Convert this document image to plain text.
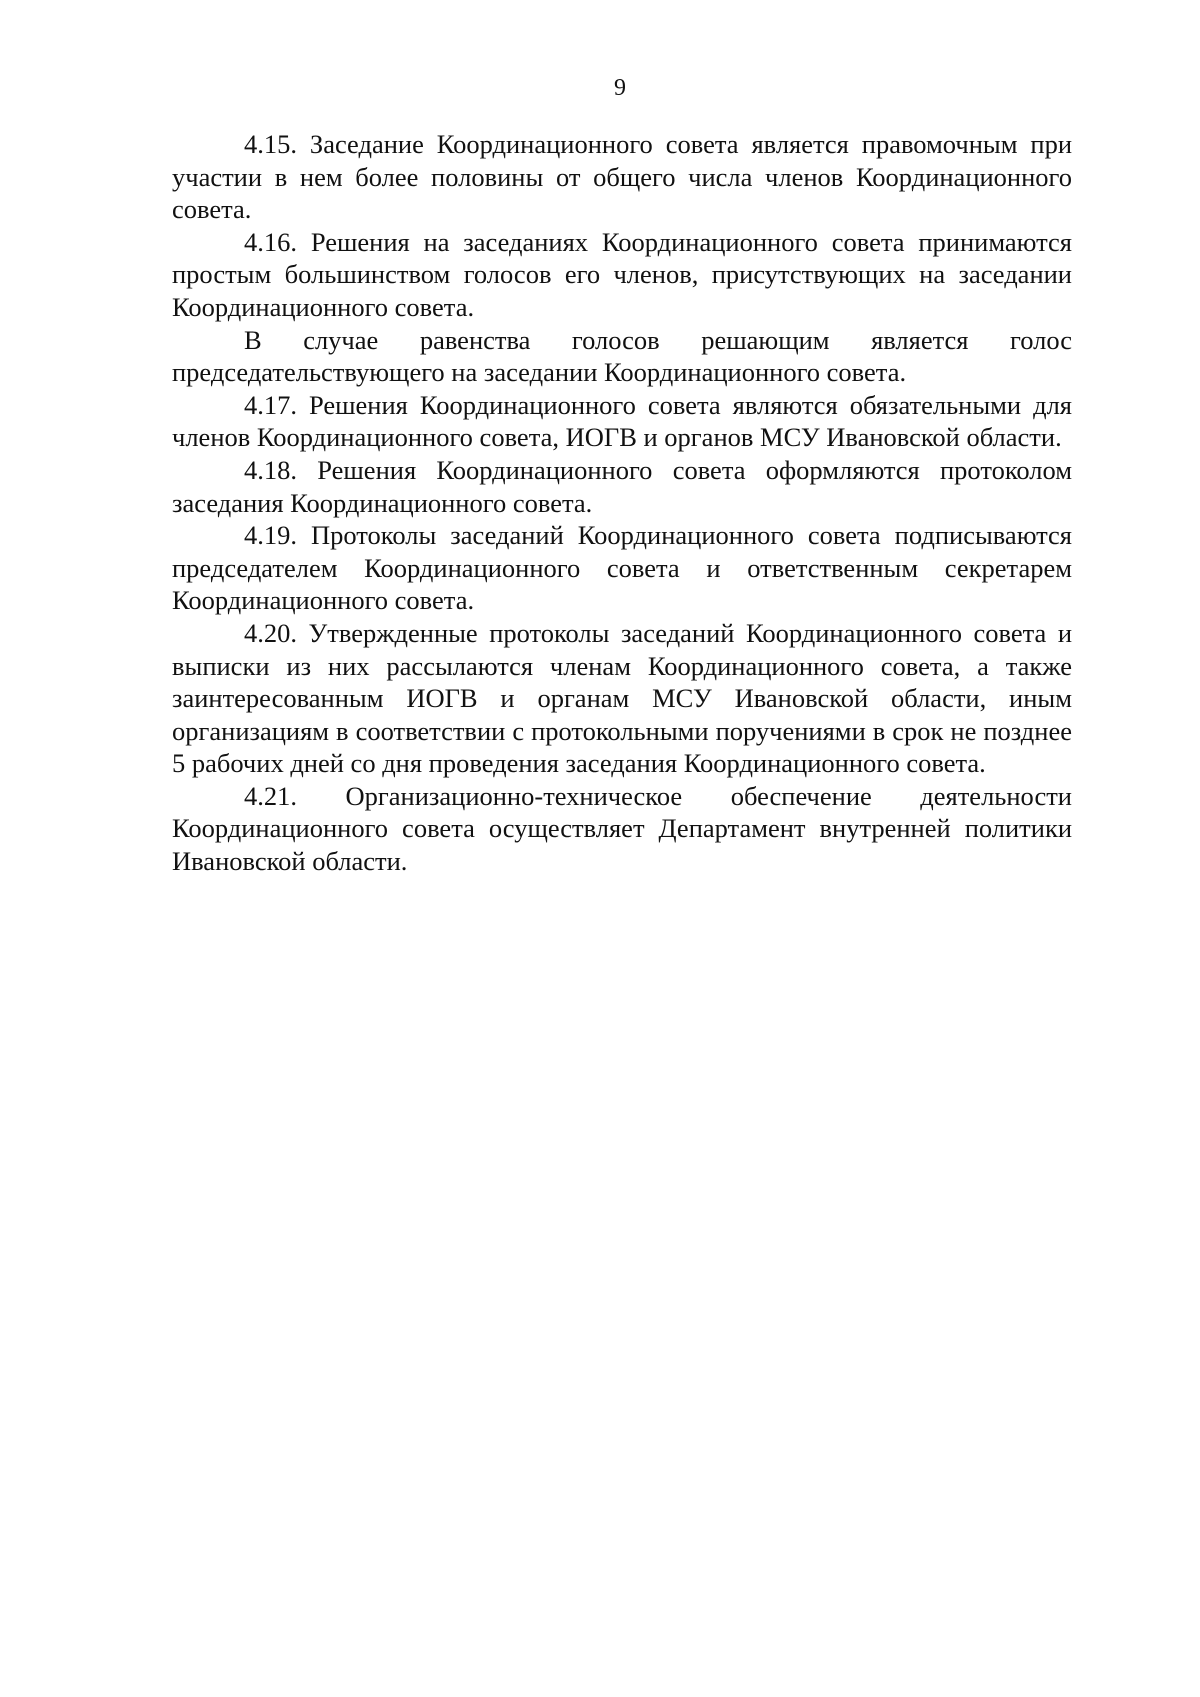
9

4.15. Заседание Координационного совета является правомочным при участии в нем более половины от общего числа членов Координационного совета.

4.16. Решения на заседаниях Координационного совета принимаются простым большинством голосов его членов, присутствующих на заседании Координационного совета.

В случае равенства голосов решающим является голос председательствующего на заседании Координационного совета.

4.17. Решения Координационного совета являются обязательными для членов Координационного совета, ИОГВ и органов МСУ Ивановской области.

4.18. Решения Координационного совета оформляются протоколом заседания Координационного совета.

4.19. Протоколы заседаний Координационного совета подписываются председателем Координационного совета и ответственным секретарем Координационного совета.

4.20. Утвержденные протоколы заседаний Координационного совета и выписки из них рассылаются членам Координационного совета, а также заинтересованным ИОГВ и органам МСУ Ивановской области, иным организациям в соответствии с протокольными поручениями в срок не позднее 5 рабочих дней со дня проведения заседания Координационного совета.

4.21. Организационно-техническое обеспечение деятельности Координационного совета осуществляет Департамент внутренней политики Ивановской области.
